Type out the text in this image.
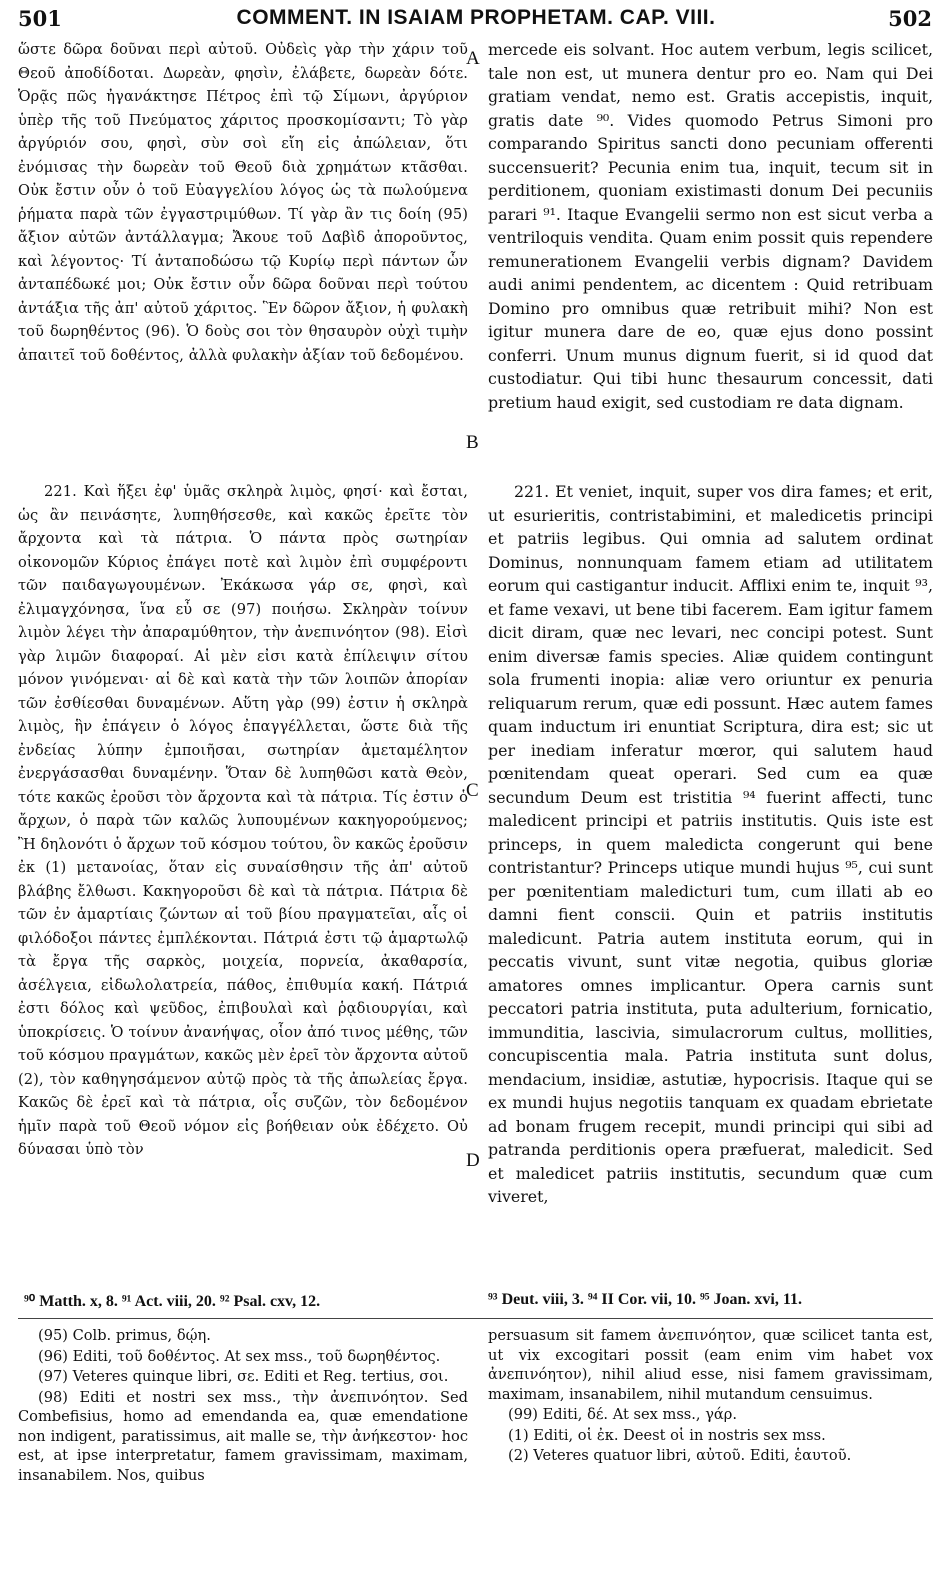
501	COMMENT. IN ISAIAM PROPHETAM. CAP. VIII.	502

ὥστε δῶρα δοῦναι περὶ αὐτοῦ. Οὐδεὶς γὰρ τὴν χάριν τοῦ Θεοῦ ἀποδίδοται. Δωρεὰν, φησὶν, ἐλάβετε, δωρεὰν δότε. Ὁρᾷς πῶς ἠγανάκτησε Πέτρος ἐπὶ τῷ Σίμωνι, ἀργύριον ὑπὲρ τῆς τοῦ Πνεύματος χάριτος προσκομίσαντι; Τὸ γὰρ ἀργύριόν σου, φησὶ, σὺν σοὶ εἴη εἰς ἀπώλειαν, ὅτι ἐνόμισας τὴν δωρεὰν τοῦ Θεοῦ διὰ χρημάτων κτᾶσθαι. Οὐκ ἔστιν οὖν ὁ τοῦ Εὐαγγελίου λόγος ὡς τὰ πωλούμενα ῥήματα παρὰ τῶν ἐγγαστριμύθων. Τί γὰρ ἂν τις δοίη (95) ἄξιον αὐτῶν ἀντάλλαγμα; Ἄκουε τοῦ Δαβὶδ ἀποροῦντος, καὶ λέγοντος· Τί ἀνταποδώσω τῷ Κυρίῳ περὶ πάντων ὧν ἀνταπέδωκέ μοι; Οὐκ ἔστιν οὖν δῶρα δοῦναι περὶ τούτου ἀντάξια τῆς ἀπ' αὐτοῦ χάριτος. Ἓν δῶρον ἄξιον, ἡ φυλακὴ τοῦ δωρηθέντος (96). Ὁ δοὺς σοι τὸν θησαυρὸν οὐχὶ τιμὴν ἀπαιτεῖ τοῦ δοθέντος, ἀλλὰ φυλακὴν ἀξίαν τοῦ δεδομένου.

A mercede eis solvant. Hoc autem verbum, legis scilicet, tale non est, ut munera dentur pro eo. Nam qui Dei gratiam vendat, nemo est. Gratis accepistis, inquit, gratis date ⁹⁰. Vides quomodo Petrus Simoni pro comparando Spiritus sancti dono pecuniam offerenti succensuerit? Pecunia enim tua, inquit, tecum sit in perditionem, quoniam existimasti donum Dei pecuniis parari ⁹¹. Itaque Evangelii sermo non est sicut verba a ventriloquis vendita. Quam enim possit quis rependere remunerationem Evangelii verbis dignam? Davidem audi animi pendentem, ac dicentem : Quid retribuam Domino pro omnibus quæ retribuit mihi? Non est igitur munera dare de eo, quæ ejus dono possint conferri. Unum munus dignum fuerit, si id quod dat custodiatur. Qui tibi hunc thesaurum concessit, dati pretium haud exigit, sed custodiam re data dignam.

B

221. Καὶ ἥξει ἐφ' ὑμᾶς σκληρὰ λιμὸς, φησί· καὶ ἔσται, ὡς ἂν πεινάσητε, λυπηθήσεσθε, καὶ κακῶς ἐρεῖτε τὸν ἄρχοντα καὶ τὰ πάτρια. Ὁ πάντα πρὸς σωτηρίαν οἰκονομῶν Κύριος ἐπάγει ποτὲ καὶ λιμὸν ἐπὶ συμφέροντι τῶν παιδαγωγουμένων. Ἐκάκωσα γάρ σε, φησὶ, καὶ ἐλιμαγχόνησα, ἵνα εὖ σε (97) ποιήσω. Σκληρὰν τοίνυν λιμὸν λέγει τὴν ἀπαραμύθητον, τὴν ἀνεπινόητον (98). Εἰσὶ γὰρ λιμῶν διαφοραί. Αἱ μὲν εἰσι κατὰ ἐπίλειψιν σίτου μόνον γινόμεναι· αἱ δὲ καὶ κατὰ τὴν τῶν λοιπῶν ἀπορίαν τῶν ἐσθίεσθαι δυναμένων. Αὕτη γὰρ (99) ἐστιν ἡ σκληρὰ λιμὸς, ἣν ἐπάγειν ὁ λόγος ἐπαγγέλλεται, ὥστε διὰ τῆς ἐνδείας λύπην ἐμποιῆσαι, σωτηρίαν ἀμεταμέλητον ἐνεργάσασθαι δυναμένην. Ὅταν δὲ λυπηθῶσι κατὰ Θεὸν, τότε κακῶς ἐροῦσι τὸν ἄρχοντα καὶ τὰ πάτρια. Τίς ἐστιν ὁ ἄρχων, ὁ παρὰ τῶν καλῶς λυπουμένων κακηγορούμενος; Ἢ δηλονότι ὁ ἄρχων τοῦ κόσμου τούτου, ὃν κακῶς ἐροῦσιν ἐκ (1) μετανοίας, ὅταν εἰς συναίσθησιν τῆς ἀπ' αὐτοῦ βλάβης ἔλθωσι. Κακηγοροῦσι δὲ καὶ τὰ πάτρια. Πάτρια δὲ τῶν ἐν ἁμαρτίαις ζώντων αἱ τοῦ βίου πραγματεῖαι, αἷς οἱ φιλόδοξοι πάντες ἐμπλέκονται. Πάτριά ἐστι τῷ ἁμαρτωλῷ τὰ ἔργα τῆς σαρκὸς, μοιχεία, πορνεία, ἀκαθαρσία, ἀσέλγεια, εἰδωλολατρεία, πάθος, ἐπιθυμία κακή. Πάτριά ἐστι δόλος καὶ ψεῦδος, ἐπιβουλαὶ καὶ ῥᾳδιουργίαι, καὶ ὑποκρίσεις. Ὁ τοίνυν ἀνανήψας, οἷον ἀπό τινος μέθης, τῶν τοῦ κόσμου πραγμάτων, κακῶς μὲν ἐρεῖ τὸν ἄρχοντα αὐτοῦ (2), τὸν καθηγησάμενον αὐτῷ πρὸς τὰ τῆς ἀπωλείας ἔργα. Κακῶς δὲ ἐρεῖ καὶ τὰ πάτρια, οἷς συζῶν, τὸν δεδομένον ἡμῖν παρὰ τοῦ Θεοῦ νόμον εἰς βοήθειαν οὐκ ἐδέχετο. Οὐ δύνασαι ὑπὸ τὸν

C

221. Et veniet, inquit, super vos dira fames; et erit, ut esurieritis, contristabimini, et maledicetis principi et patriis legibus. Qui omnia ad salutem ordinat Dominus, nonnunquam famem etiam ad utilitatem eorum qui castigantur inducit. Afflixi enim te, inquit ⁹³, et fame vexavi, ut bene tibi facerem. Eam igitur famem dicit diram, quæ nec levari, nec concipi potest. Sunt enim diversæ famis species. Aliæ quidem contingunt sola frumenti inopia: aliæ vero oriuntur ex penuria reliquarum rerum, quæ edi possunt. Hæc autem fames quam inductum iri enuntiat Scriptura, dira est; sic ut per inediam inferatur mœror, qui salutem haud pœnitendam queat operari. Sed cum ea quæ secundum Deum est tristitia ⁹⁴ fuerint affecti, tunc maledicent principi et patriis institutis. Quis iste est princeps, in quem maledicta congerunt qui bene contristantur? Princeps utique mundi hujus ⁹⁵, cui sunt per pœnitentiam maledicturi tum, cum illati ab eo damni fient conscii. Quin et patriis institutis maledicunt. Patria autem instituta eorum, qui in peccatis vivunt, sunt vitæ negotia, quibus gloriæ amatores omnes implicantur. Opera carnis sunt peccatori patria instituta, puta adulterium, fornicatio, immunditia, lascivia, simulacrorum cultus, mollities, concupiscentia mala. Patria instituta sunt dolus, mendacium, insidiæ, astutiæ, hypocrisis. Itaque qui se ex mundi hujus negotiis tanquam ex quadam ebrietate ad bonam frugem recepit, mundi principi qui sibi ad patranda perditionis opera præfuerat, maledicit. Sed et maledicet patriis institutis, secundum quæ cum viveret,

D
⁹⁰ Matth. x, 8. ⁹¹ Act. viii, 20. ⁹² Psal. cxv, 12.	⁹³ Deut. viii, 3. ⁹⁴ II Cor. vii, 10. ⁹⁵ Joan. xvi, 11.

(95) Colb. primus, δῴη.

(96) Editi, τοῦ δοθέντος. At sex mss., τοῦ δωρηθέντος.

(97) Veteres quinque libri, σε. Editi et Reg. tertius, σοι.

(98) Editi et nostri sex mss., τὴν ἀνεπινόητον. Sed Combefisius, homo ad emendanda ea, quæ emendatione non indigent, paratissimus, ait malle se, τὴν ἀνήκεστον· hoc est, at ipse interpretatur, famem gravissimam, maximam, insanabilem. Nos, quibus

persuasum sit famem ἀνεπινόητον, quæ scilicet tanta est, ut vix excogitari possit (eam enim vim habet vox ἀνεπινόητον), nihil aliud esse, nisi famem gravissimam, maximam, insanabilem, nihil mutandum censuimus.

(99) Editi, δέ. At sex mss., γάρ.

(1) Editi, οἱ ἐκ. Deest οἱ in nostris sex mss.

(2) Veteres quatuor libri, αὐτοῦ. Editi, ἑαυτοῦ.
